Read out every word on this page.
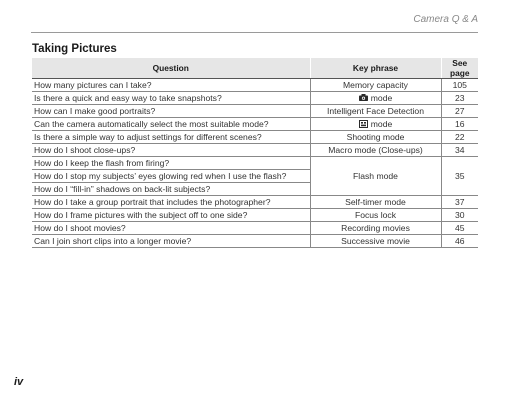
Camera Q & A
Taking Pictures
Question	Key phrase	See page
How many pictures can I take?	Memory capacity	105
Is there a quick and easy way to take snapshots?	mode	23
How can I make good portraits?	Intelligent Face Detection	27
Can the camera automatically select the most suitable mode?	mode	16
Is there a simple way to adjust settings for different scenes?	Shooting mode	22
How do I shoot close-ups?	Macro mode (Close-ups)	34
How do I keep the flash from firing?	Flash mode	35
How do I stop my subjects’ eyes glowing red when I use the flash?		
How do I “fill-in” shadows on back-lit subjects?		
How do I take a group portrait that includes the photographer?	Self-timer mode	37
How do I frame pictures with the subject off to one side?	Focus lock	30
How do I shoot movies?	Recording movies	45
Can I join short clips into a longer movie?	Successive movie	46
iv
